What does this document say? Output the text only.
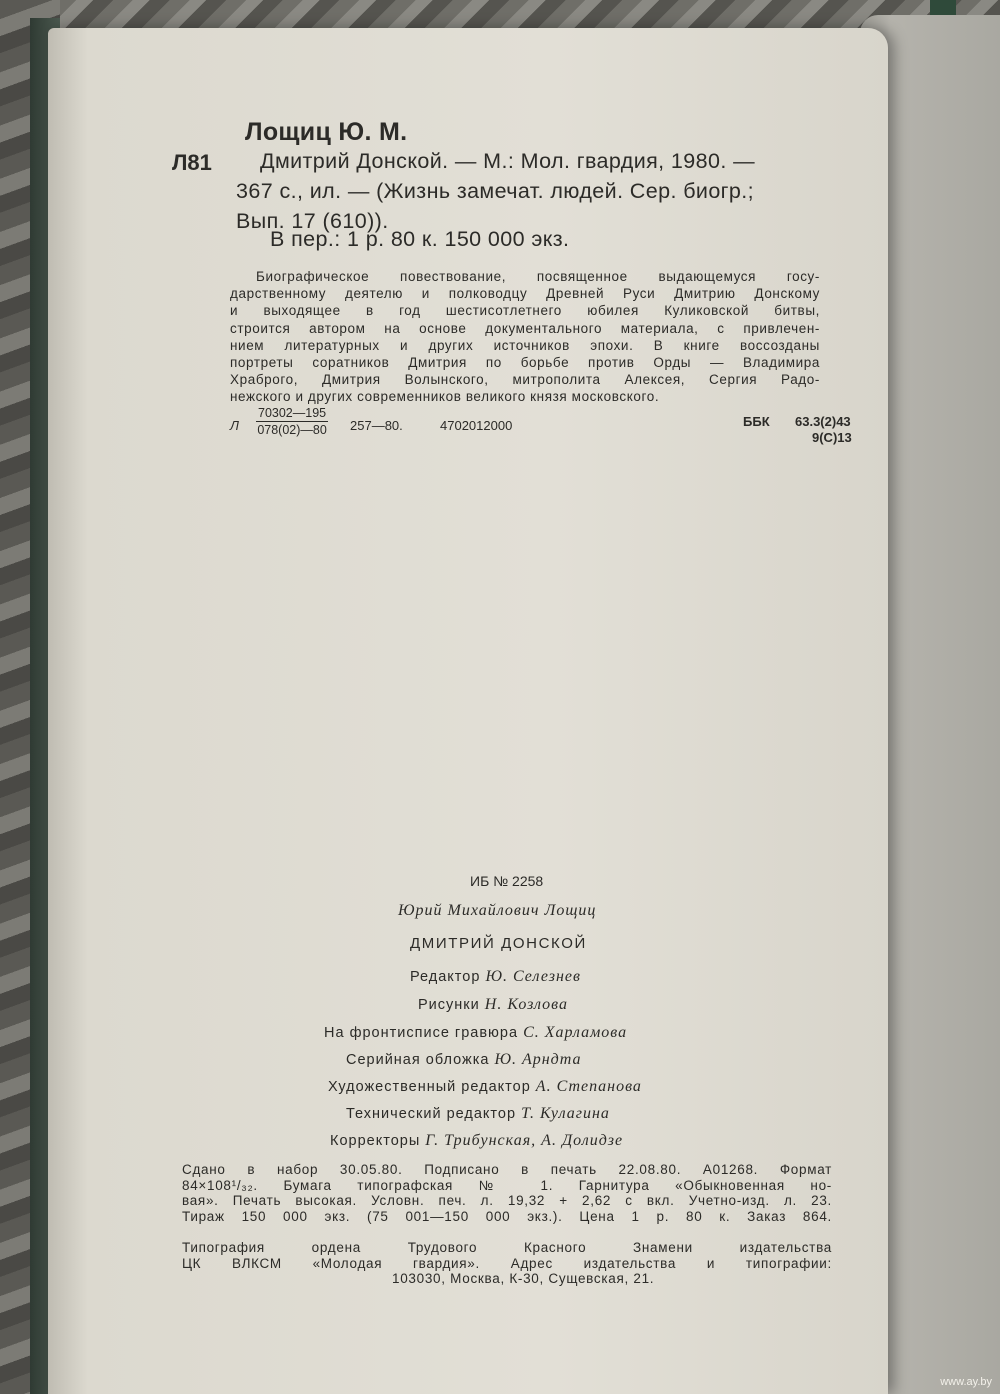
Лощиц Ю. М.
Л81 Дмитрий Донской. — М.: Мол. гвардия, 1980. —
367 с., ил. — (Жизнь замечат. людей. Сер. биогр.;
Вып. 17 (610)).
В пер.: 1 р. 80 к. 150 000 экз.
Биографическое повествование, посвященное выдающемуся госу-
дарственному деятелю и полководцу Древней Руси Дмитрию Донскому
и выходящее в год шестисотлетнего юбилея Куликовской битвы,
строится автором на основе документального материала, с привлечен-
нием литературных и других источников эпохи. В книге воссозданы
портреты соратников Дмитрия по борьбе против Орды — Владимира
Храброго, Дмитрия Волынского, митрополита Алексея, Сергия Радо-
нежского и других современников великого князя московского.
Л $\frac{70302—195}{078(02)—80}$ 257—80.	4702012000	ББК 63.3(2)43
9(С)13
ИБ № 2258
Юрий Михайлович Лощиц
ДМИТРИЙ ДОНСКОЙ
Редактор Ю. Селезнев
Рисунки Н. Козлова
На фронтисписе гравюра С. Харламова
Серийная обложка Ю. Арндта
Художественный редактор А. Степанова
Технический редактор Т. Кулагина
Корректоры Г. Трибунская, А. Долидзе
Сдано в набор 30.05.80. Подписано в печать 22.08.80. А01268. Формат
84×108¹/₃₂. Бумага типографская № 1. Гарнитура «Обыкновенная но-
вая». Печать высокая. Условн. печ. л. 19,32 + 2,62 с вкл. Учетно-изд. л. 23.
Тираж 150 000 экз. (75 001—150 000 экз.). Цена 1 р. 80 к. Заказ 864.
Типография ордена Трудового Красного Знамени издательства
ЦК ВЛКСМ «Молодая гвардия». Адрес издательства и типографии:
103030, Москва, К-30, Сущевская, 21.
www.ay.by
